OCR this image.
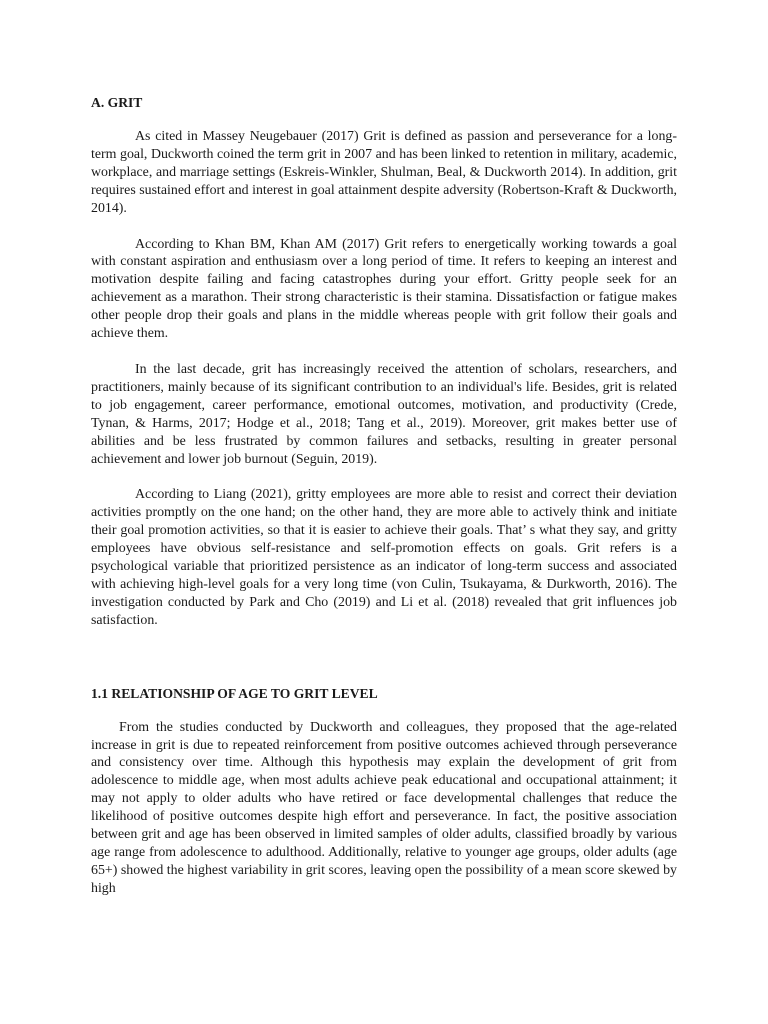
A. GRIT

As cited in Massey Neugebauer (2017) Grit is defined as passion and perseverance for a long-term goal, Duckworth coined the term grit in 2007 and has been linked to retention in military, academic, workplace, and marriage settings (Eskreis-Winkler, Shulman, Beal, & Duckworth 2014). In addition, grit requires sustained effort and interest in goal attainment despite adversity (Robertson-Kraft & Duckworth, 2014).

According to Khan BM, Khan AM (2017) Grit refers to energetically working towards a goal with constant aspiration and enthusiasm over a long period of time. It refers to keeping an interest and motivation despite failing and facing catastrophes during your effort. Gritty people seek for an achievement as a marathon. Their strong characteristic is their stamina. Dissatisfaction or fatigue makes other people drop their goals and plans in the middle whereas people with grit follow their goals and achieve them.

In the last decade, grit has increasingly received the attention of scholars, researchers, and practitioners, mainly because of its significant contribution to an individual's life. Besides, grit is related to job engagement, career performance, emotional outcomes, motivation, and productivity (Crede, Tynan, & Harms, 2017; Hodge et al., 2018; Tang et al., 2019). Moreover, grit makes better use of abilities and be less frustrated by common failures and setbacks, resulting in greater personal achievement and lower job burnout (Seguin, 2019).

According to Liang (2021), gritty employees are more able to resist and correct their deviation activities promptly on the one hand; on the other hand, they are more able to actively think and initiate their goal promotion activities, so that it is easier to achieve their goals. That’ s what they say, and gritty employees have obvious self-resistance and self-promotion effects on goals. Grit refers is a psychological variable that prioritized persistence as an indicator of long-term success and associated with achieving high-level goals for a very long time (von Culin, Tsukayama, & Durkworth, 2016). The investigation conducted by Park and Cho (2019) and Li et al. (2018) revealed that grit influences job satisfaction.

1.1 RELATIONSHIP OF AGE TO GRIT LEVEL

From the studies conducted by Duckworth and colleagues, they proposed that the age-related increase in grit is due to repeated reinforcement from positive outcomes achieved through perseverance and consistency over time. Although this hypothesis may explain the development of grit from adolescence to middle age, when most adults achieve peak educational and occupational attainment; it may not apply to older adults who have retired or face developmental challenges that reduce the likelihood of positive outcomes despite high effort and perseverance. In fact, the positive association between grit and age has been observed in limited samples of older adults, classified broadly by various age range from adolescence to adulthood. Additionally, relative to younger age groups, older adults (age 65+) showed the highest variability in grit scores, leaving open the possibility of a mean score skewed by high
